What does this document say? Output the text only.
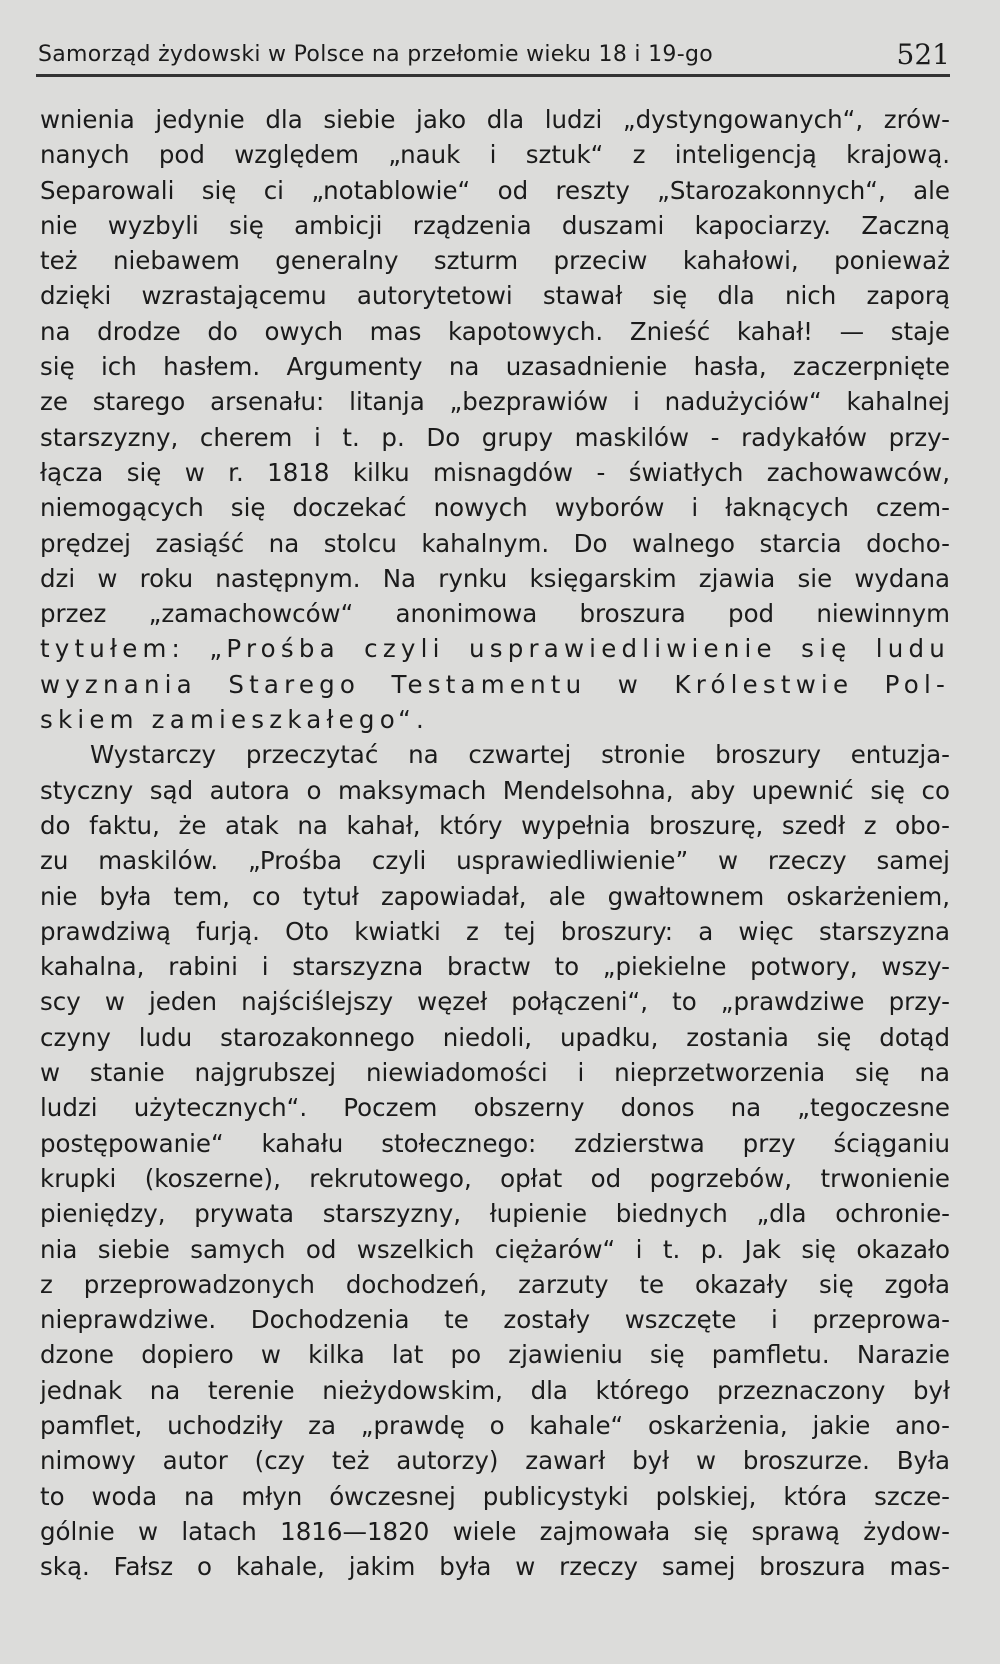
Samorząd żydowski w Polsce na przełomie wieku 18 i 19-go	521
wnienia jedynie dla siebie jako dla ludzi „dystyngowanych“, zrów-
nanych pod względem „nauk i sztuk“ z inteligencją krajową.
Separowali się ci „notablowie“ od reszty „Starozakonnych“, ale
nie wyzbyli się ambicji rządzenia duszami kapociarzy. Zaczną
też niebawem generalny szturm przeciw kahałowi, ponieważ
dzięki wzrastającemu autorytetowi stawał się dla nich zaporą
na drodze do owych mas kapotowych. Znieść kahał! — staje
się ich hasłem. Argumenty na uzasadnienie hasła, zaczerpnięte
ze starego arsenału: litanja „bezprawiów i nadużyciów“ kahalnej
starszyzny, cherem i t. p. Do grupy maskilów - radykałów przy-
łącza się w r. 1818 kilku misnagdów - światłych zachowawców,
niemogących się doczekać nowych wyborów i łaknących czem-
prędzej zasiąść na stolcu kahalnym. Do walnego starcia docho-
dzi w roku następnym. Na rynku księgarskim zjawia sie wydana
przez „zamachowców“ anonimowa broszura pod niewinnym
tytułem: „Prośba czyli usprawiedliwienie się ludu
wyznania Starego Testamentu w Królestwie Pol-
skiem zamieszkałego“.
Wystarczy przeczytać na czwartej stronie broszury entuzja-
styczny sąd autora o maksymach Mendelsohna, aby upewnić się co
do faktu, że atak na kahał, który wypełnia broszurę, szedł z obo-
zu maskilów. „Prośba czyli usprawiedliwienie” w rzeczy samej
nie była tem, co tytuł zapowiadał, ale gwałtownem oskarżeniem,
prawdziwą furją. Oto kwiatki z tej broszury: a więc starszyzna
kahalna, rabini i starszyzna bractw to „piekielne potwory, wszy-
scy w jeden najściślejszy węzeł połączeni“, to „prawdziwe przy-
czyny ludu starozakonnego niedoli, upadku, zostania się dotąd
w stanie najgrubszej niewiadomości i nieprzetworzenia się na
ludzi użytecznych“. Poczem obszerny donos na „tegoczesne
postępowanie“ kahału stołecznego: zdzierstwa przy ściąganiu
krupki (koszerne), rekrutowego, opłat od pogrzebów, trwonienie
pieniędzy, prywata starszyzny, łupienie biednych „dla ochronie-
nia siebie samych od wszelkich ciężarów“ i t. p. Jak się okazało
z przeprowadzonych dochodzeń, zarzuty te okazały się zgoła
nieprawdziwe. Dochodzenia te zostały wszczęte i przeprowa-
dzone dopiero w kilka lat po zjawieniu się pamfletu. Narazie
jednak na terenie nieżydowskim, dla którego przeznaczony był
pamflet, uchodziły za „prawdę o kahale“ oskarżenia, jakie ano-
nimowy autor (czy też autorzy) zawarł był w broszurze. Była
to woda na młyn ówczesnej publicystyki polskiej, która szcze-
gólnie w latach 1816—1820 wiele zajmowała się sprawą żydow-
ską. Fałsz o kahale, jakim była w rzeczy samej broszura mas-
